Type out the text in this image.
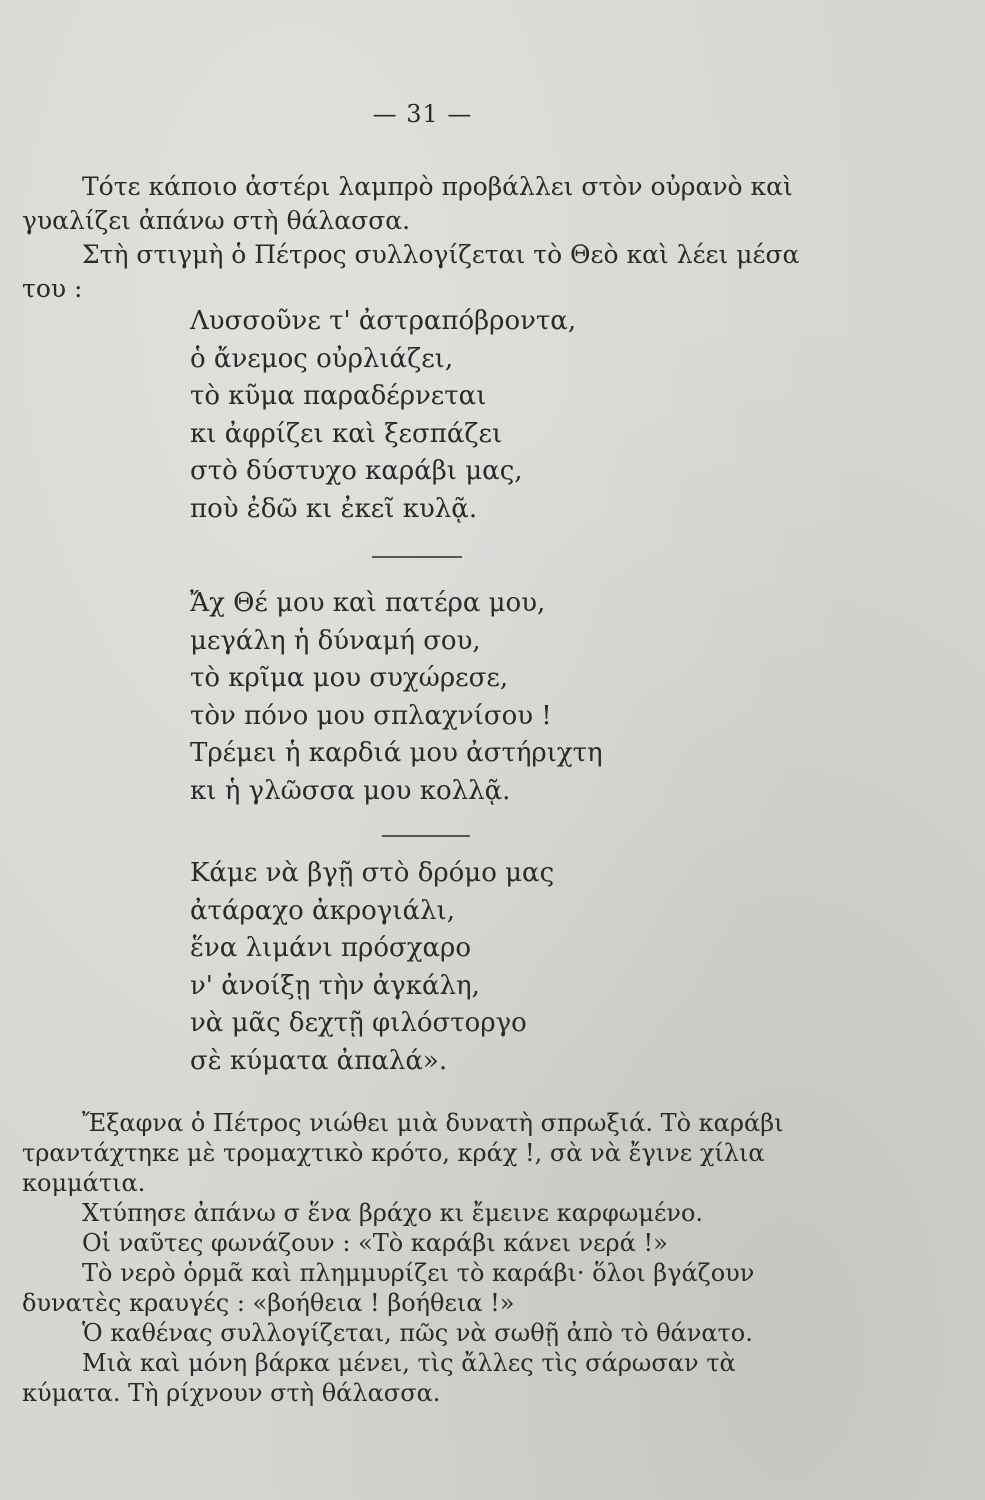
— 31 —

Τότε κάποιο ἀστέρι λαμπρὸ προβάλλει στὸν οὐρανὸ καὶ γυαλίζει ἀπάνω στὴ θάλασσα.

Στὴ στιγμὴ ὁ Πέτρος συλλογίζεται τὸ Θεὸ καὶ λέει μέσα του :

Λυσσοῦνε τ' ἀστραπόβροντα,
ὁ ἄνεμος οὐρλιάζει,
τὸ κῦμα παραδέρνεται
κι ἀφρίζει καὶ ξεσπάζει
στὸ δύστυχο καράβι μας,
ποὺ ἐδῶ κι ἐκεῖ κυλᾷ.
Ἄχ Θέ μου καὶ πατέρα μου,
μεγάλη ἡ δύναμή σου,
τὸ κρῖμα μου συχώρεσε,
τὸν πόνο μου σπλαχνίσου !
Τρέμει ἡ καρδιά μου ἀστήριχτη
κι ἡ γλῶσσα μου κολλᾷ.
Κάμε νὰ βγῇ στὸ δρόμο μας
ἀτάραχο ἀκρογιάλι,
ἕνα λιμάνι πρόσχαρο
ν' ἀνοίξῃ τὴν ἀγκάλη,
νὰ μᾶς δεχτῇ φιλόστοργο
σὲ κύματα ἀπαλά».

Ἔξαφνα ὁ Πέτρος νιώθει μιὰ δυνατὴ σπρωξιά. Τὸ καράβι τραντάχτηκε μὲ τρομαχτικὸ κρότο, κράχ !, σὰ νὰ ἔγινε χίλια κομμάτια.

Χτύπησε ἀπάνω σ ἕνα βράχο κι ἔμεινε καρφωμένο.

Οἱ ναῦτες φωνάζουν : «Τὸ καράβι κάνει νερά !»

Τὸ νερὸ ὁρμᾶ καὶ πλημμυρίζει τὸ καράβι· ὅλοι βγάζουν δυνατὲς κραυγές : «βοήθεια ! βοήθεια !»

Ὁ καθένας συλλογίζεται, πῶς νὰ σωθῇ ἀπὸ τὸ θάνατο.

Μιὰ καὶ μόνη βάρκα μένει, τὶς ἄλλες τὶς σάρωσαν τὰ κύματα. Τὴ ρίχνουν στὴ θάλασσα.
